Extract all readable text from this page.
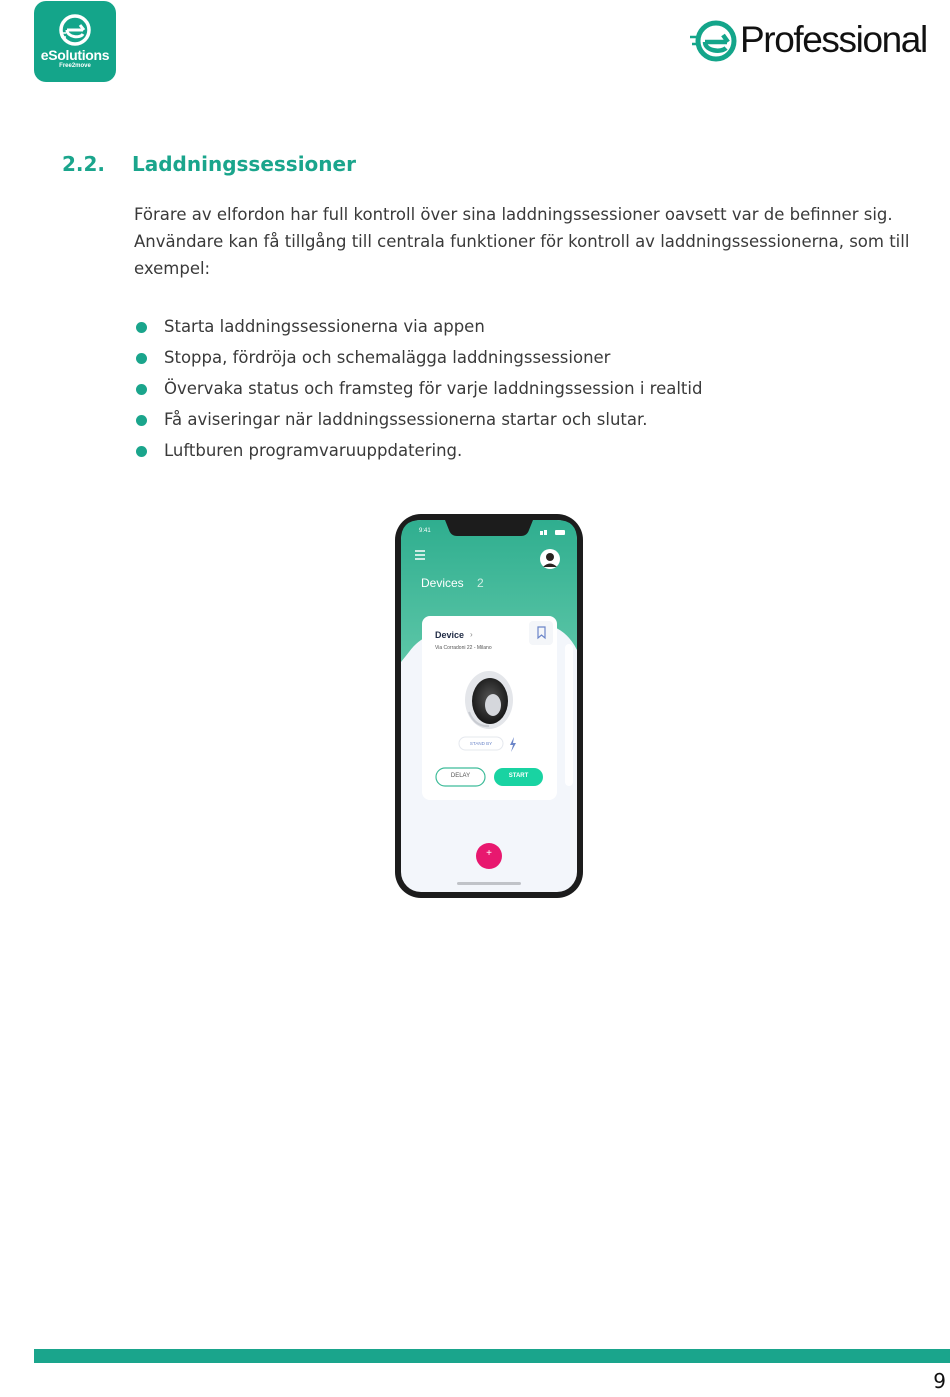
eSolutions
Free2move
Professional
2.2. Laddningssessioner

Förare av elfordon har full kontroll över sina laddningssessioner oavsett var de befinner sig. Användare kan få tillgång till centrala funktioner för kontroll av laddningssessionerna, som till exempel:

Starta laddningssessionerna via appen
Stoppa, fördröja och schemalägga laddningssessioner
Övervaka status och framsteg för varje laddningssession i realtid
Få aviseringar när laddningssessionerna startar och slutar.
Luftburen programvaruuppdatering.
9:41
Devices 2
Device ›
Via Corradoni 22 - Milano
STAND BY
DELAY	START
+
9
